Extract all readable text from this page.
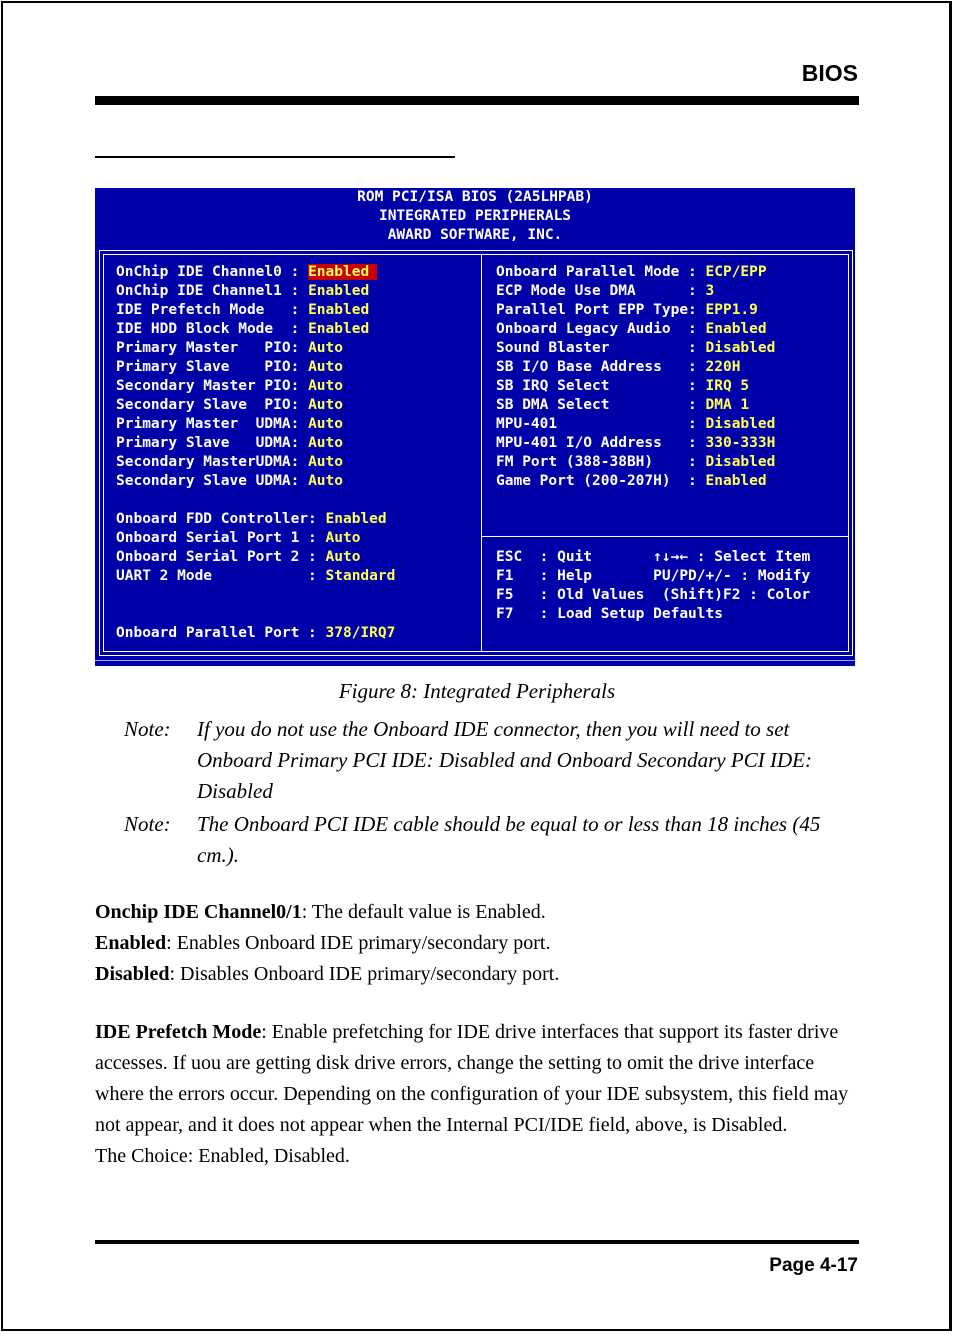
BIOS
ROM PCI/ISA BIOS (2A5LHPAB)
INTEGRATED PERIPHERALS
AWARD SOFTWARE, INC.
OnChip IDE Channel0 : Enabled
OnChip IDE Channel1 : Enabled
IDE Prefetch Mode   : Enabled
IDE HDD Block Mode  : Enabled
Primary Master   PIO: Auto
Primary Slave    PIO: Auto
Secondary Master PIO: Auto
Secondary Slave  PIO: Auto
Primary Master  UDMA: Auto
Primary Slave   UDMA: Auto
Secondary MasterUDMA: Auto
Secondary Slave UDMA: Auto
Onboard FDD Controller: Enabled
Onboard Serial Port 1 : Auto
Onboard Serial Port 2 : Auto
UART 2 Mode           : Standard
Onboard Parallel Port : 378/IRQ7
Onboard Parallel Mode : ECP/EPP
ECP Mode Use DMA      : 3
Parallel Port EPP Type: EPP1.9
Onboard Legacy Audio  : Enabled
Sound Blaster         : Disabled
SB I/O Base Address   : 220H
SB IRQ Select         : IRQ 5
SB DMA Select         : DMA 1
MPU-401               : Disabled
MPU-401 I/O Address   : 330-333H
FM Port (388-38BH)    : Disabled
Game Port (200-207H)  : Enabled
ESC  : Quit       ↑↓→← : Select Item
F1   : Help       PU/PD/+/- : Modify
F5   : Old Values  (Shift)F2 : Color
F7   : Load Setup Defaults
Figure 8: Integrated Peripherals
Note: If you do not use the Onboard IDE connector, then you will need to set Onboard Primary PCI IDE: Disabled and Onboard Secondary PCI IDE: Disabled
Note: The Onboard PCI IDE cable should be equal to or less than 18 inches (45 cm.).
Onchip IDE Channel0/1: The default value is Enabled.
Enabled: Enables Onboard IDE primary/secondary port.
Disabled: Disables Onboard IDE primary/secondary port.
IDE Prefetch Mode: Enable prefetching for IDE drive interfaces that support its faster drive accesses. If uou are getting disk drive errors, change the setting to omit the drive interface where the errors occur. Depending on the configuration of your IDE subsystem, this field may not appear, and it does not appear when the Internal PCI/IDE field, above, is Disabled.
The Choice: Enabled, Disabled.
Page 4-17
